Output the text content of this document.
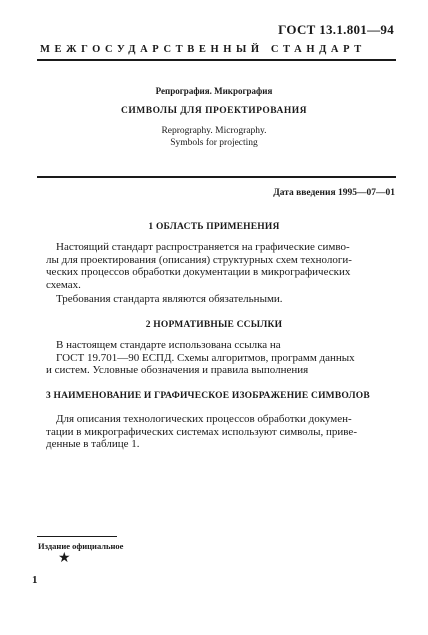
ГОСТ 13.1.801—94
МЕЖГОСУДАРСТВЕННЫЙ СТАНДАРТ
Репрография. Микрография
СИМВОЛЫ ДЛЯ ПРОЕКТИРОВАНИЯ
Reprography. Micrography.
Symbols for projecting
Дата введения 1995—07—01
1 ОБЛАСТЬ ПРИМЕНЕНИЯ
Настоящий стандарт распространяется на графические симво-
лы для проектирования (описания) структурных схем технологи-
ческих процессов обработки документации в микрографических
схемах.
Требования стандарта являются обязательными.
2 НОРМАТИВНЫЕ ССЫЛКИ
В настоящем стандарте использована ссылка на
ГОСТ 19.701—90 ЕСПД. Схемы алгоритмов, программ данных
и систем. Условные обозначения и правила выполнения
3 НАИМЕНОВАНИЕ И ГРАФИЧЕСКОЕ ИЗОБРАЖЕНИЕ СИМВОЛОВ
Для описания технологических процессов обработки докумен-
тации в микрографических системах используют символы, приве-
денные в таблице 1.
Издание официальное
★
1
